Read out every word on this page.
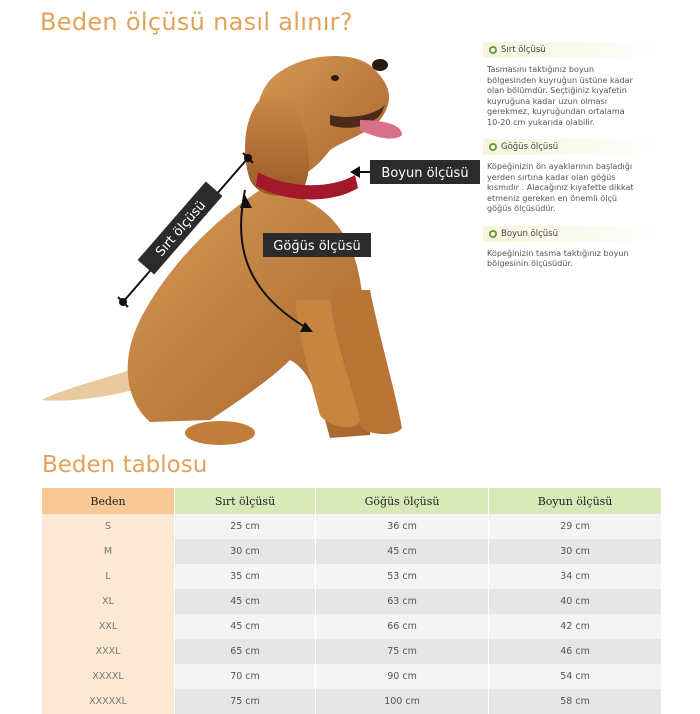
Beden ölçüsü nasıl alınır?
Sırt ölçüsü
Boyun ölçüsü
Göğüs ölçüsü
Sırt ölçüsü
Tasmasını taktığınız boyun
bölgesinden kuyruğun üstüne kadar
olan bölümdür. Seçtiğiniz kıyafetin
kuyruğuna kadar uzun olması
gerekmez, kuyruğundan ortalama
10-20 cm yukarıda olabilir.
Göğüs ölçüsü
Köpeğinizin ön ayaklarının başladığı
yerden sırtına kadar olan göğüs
kısmıdır . Alacağınız kıyafette dikkat
etmeniz gereken en önemli ölçü
göğüs ölçüsüdür.
Boyun ölçüsü
Köpeğinizin tasma taktığınız boyun
bölgesinin ölçüsüdür.
Beden tablosu
Beden	Sırt ölçüsü	Göğüs ölçüsü	Boyun ölçüsü
S	25 cm	36 cm	29 cm
M	30 cm	45 cm	30 cm
L	35 cm	53 cm	34 cm
XL	45 cm	63 cm	40 cm
XXL	45 cm	66 cm	42 cm
XXXL	65 cm	75 cm	46 cm
XXXXL	70 cm	90 cm	54 cm
XXXXXL	75 cm	100 cm	58 cm
